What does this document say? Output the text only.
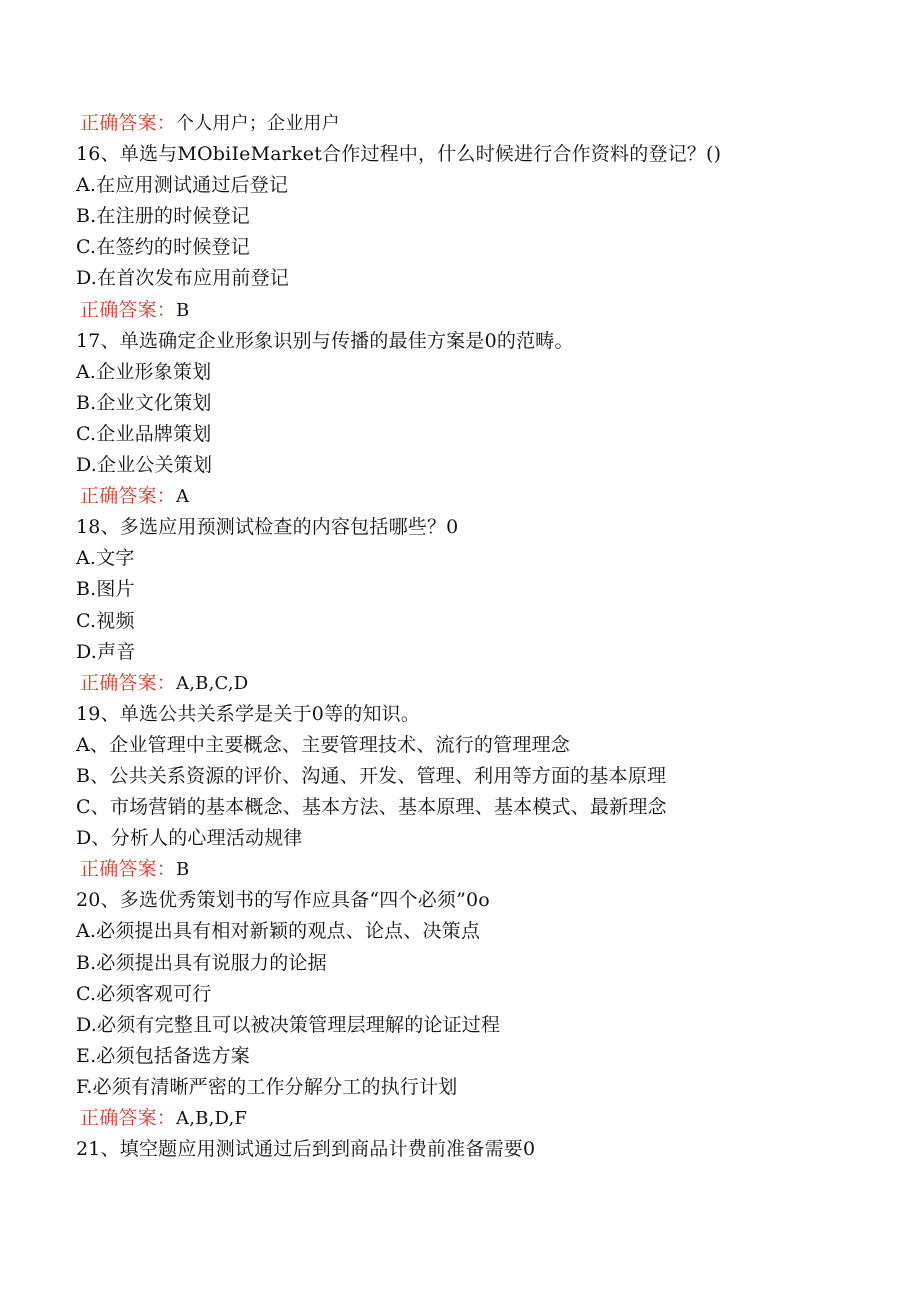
正确答案：个人用户；企业用户
16、单选与MObiIeMarket合作过程中，什么时候进行合作资料的登记？()
A.在应用测试通过后登记
B.在注册的时候登记
C.在签约的时候登记
D.在首次发布应用前登记
正确答案：B
17、单选确定企业形象识别与传播的最佳方案是0的范畴。
A.企业形象策划
B.企业文化策划
C.企业品牌策划
D.企业公关策划
正确答案：A
18、多选应用预测试检查的内容包括哪些？0
A.文字
B.图片
C.视频
D.声音
正确答案：A,B,C,D
19、单选公共关系学是关于0等的知识。
A、企业管理中主要概念、主要管理技术、流行的管理理念
B、公共关系资源的评价、沟通、开发、管理、利用等方面的基本原理
C、市场营销的基本概念、基本方法、基本原理、基本模式、最新理念
D、分析人的心理活动规律
正确答案：B
20、多选优秀策划书的写作应具备“四个必须”0o
A.必须提出具有相对新颖的观点、论点、决策点
B.必须提出具有说服力的论据
C.必须客观可行
D.必须有完整且可以被决策管理层理解的论证过程
E.必须包括备选方案
F.必须有清晰严密的工作分解分工的执行计划
正确答案：A,B,D,F
21、填空题应用测试通过后到到商品计费前准备需要0
